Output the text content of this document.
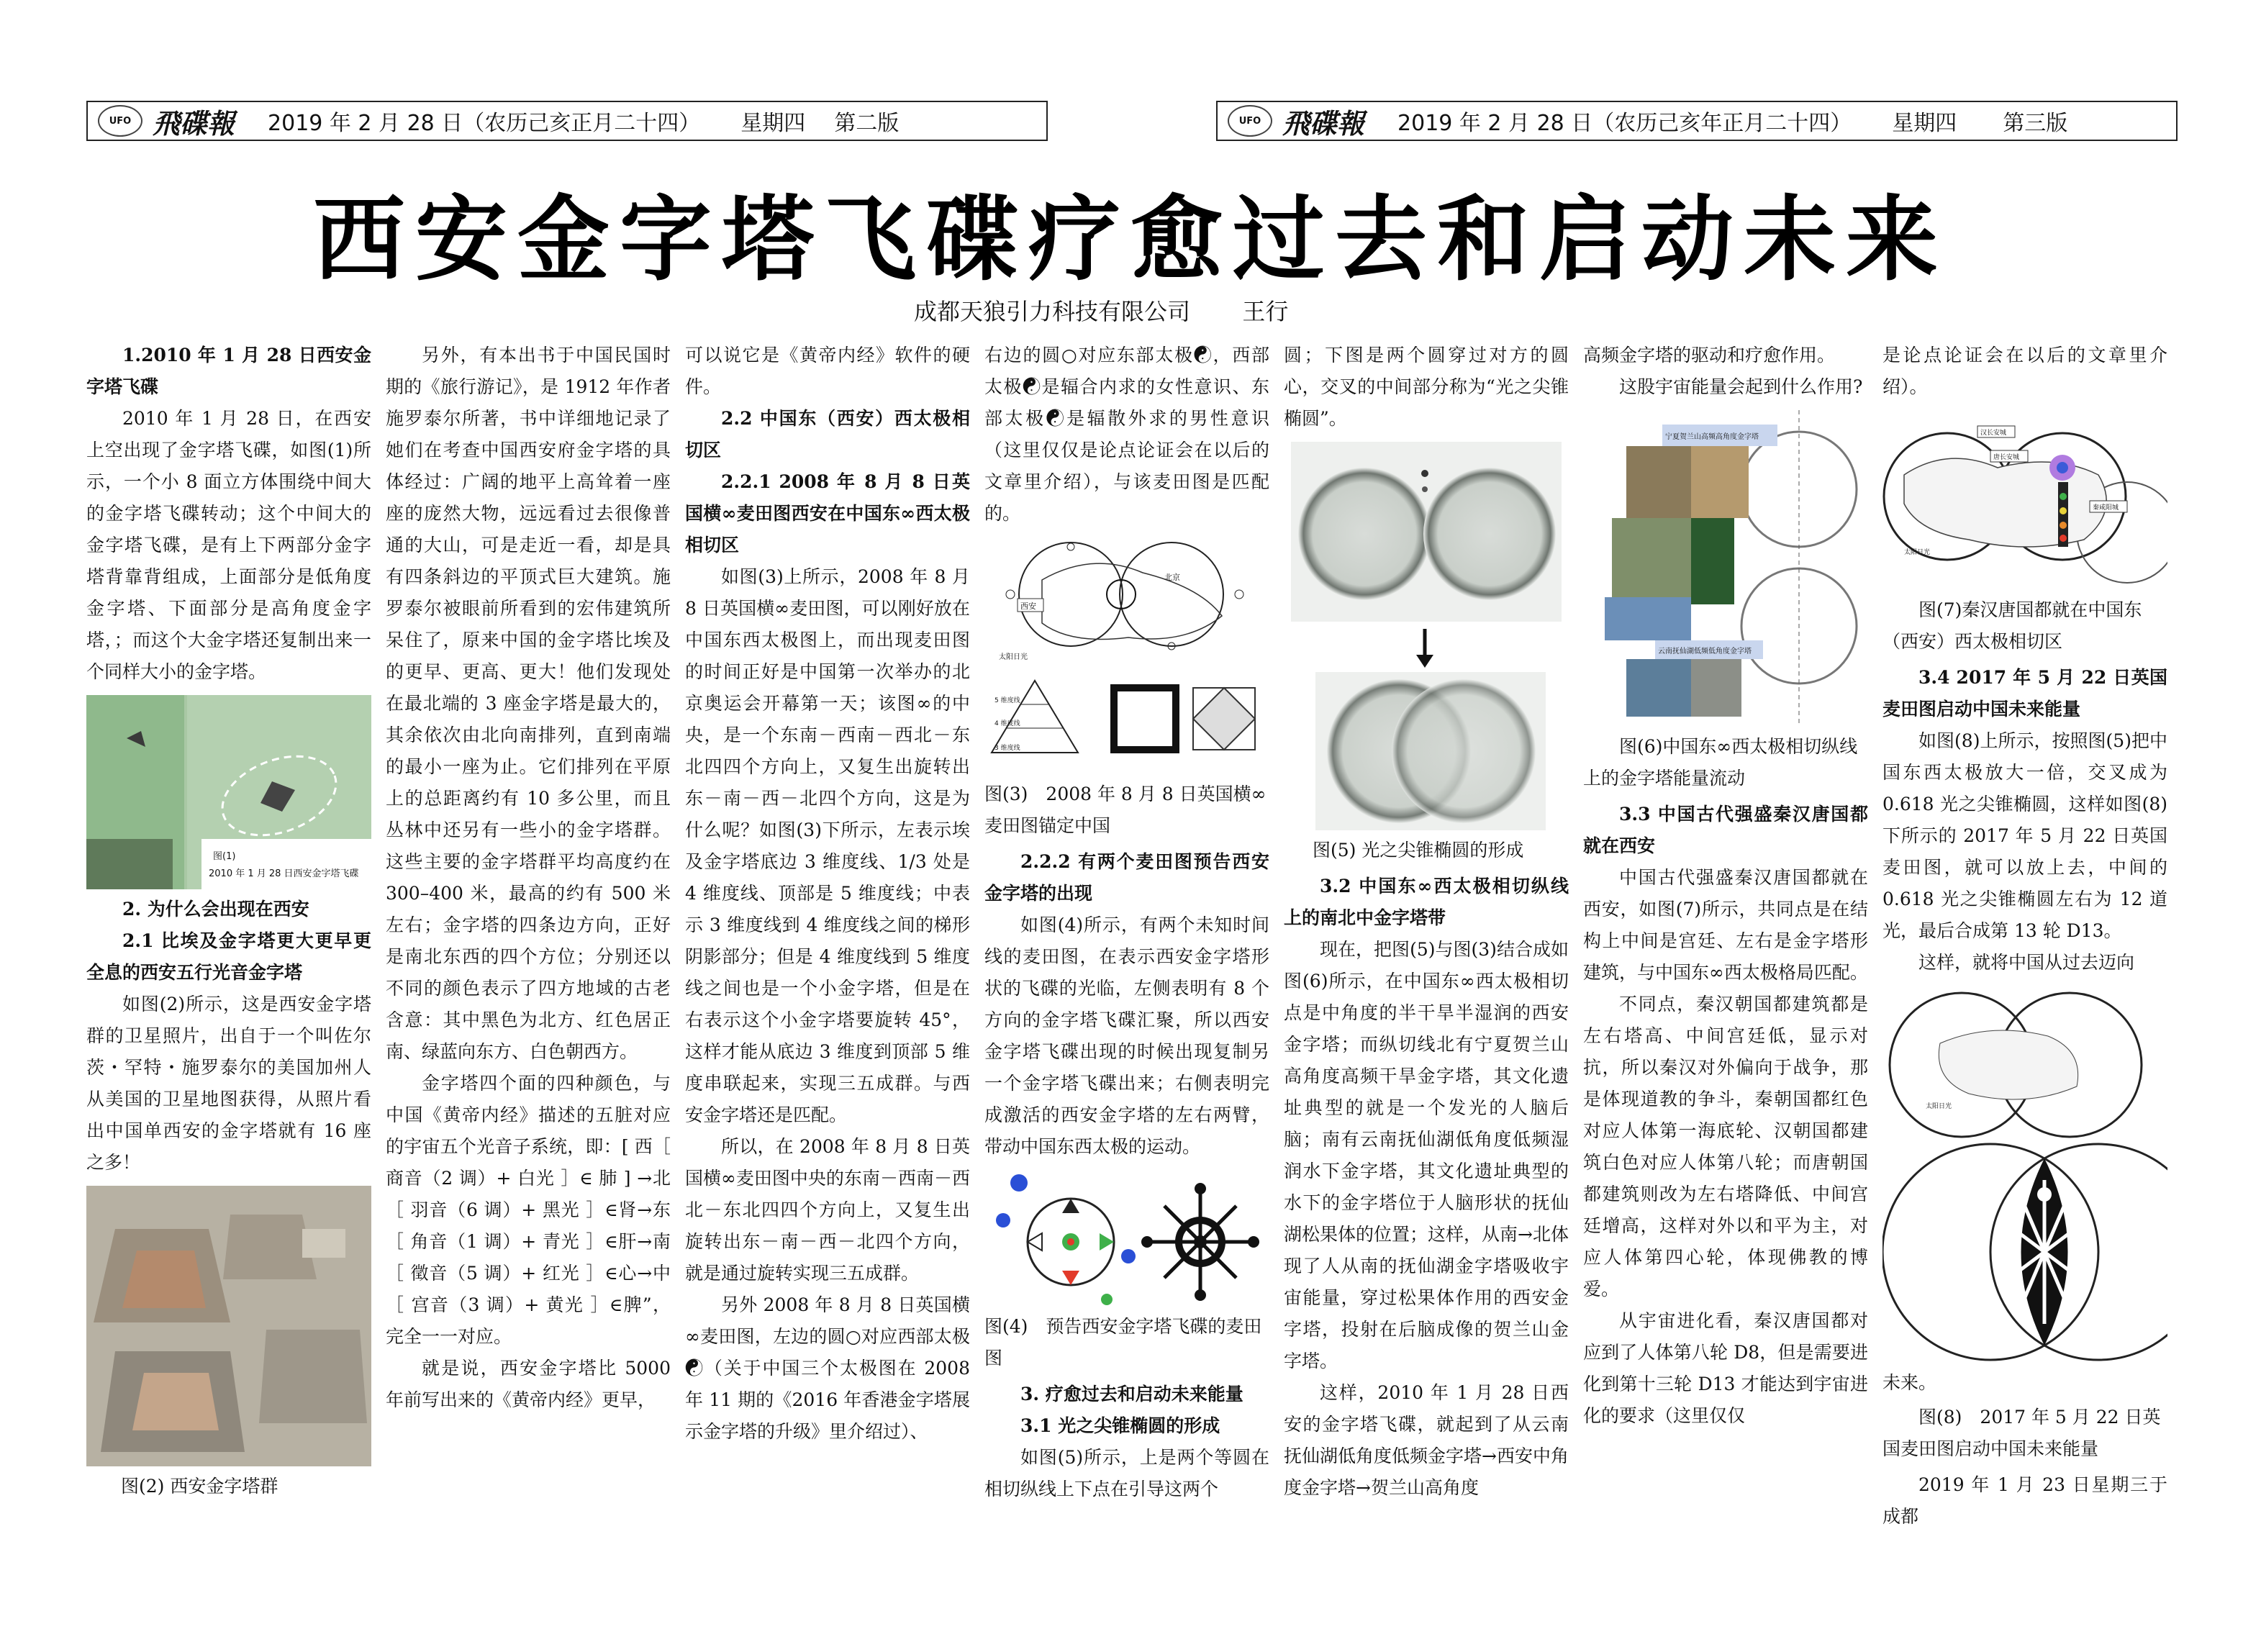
UFO 飛碟報 2019 年 2 月 28 日（农历己亥正月二十四） 星期四 第二版	UFO 飛碟報 2019 年 2 月 28 日（农历己亥年正月二十四） 星期四 第三版
西安金字塔飞碟疗愈过去和启动未来
成都天狼引力科技有限公司 王行

1.2010 年 1 月 28 日西安金字塔飞碟

2010 年 1 月 28 日，在西安上空出现了金字塔飞碟，如图(1)所示，一个小 8 面立方体围绕中间大的金字塔飞碟转动；这个中间大的金字塔飞碟，是有上下两部分金字塔背靠背组成，上面部分是低角度金字塔、下面部分是高角度金字塔，；而这个大金字塔还复制出来一个同样大小的金字塔。

图(1)
2010 年 1 月 28 日西安金字塔飞碟

2. 为什么会出现在西安

2.1 比埃及金字塔更大更早更全息的西安五行光音金字塔

如图(2)所示，这是西安金字塔群的卫星照片，出自于一个叫佐尔茨・罕特・施罗泰尔的美国加州人从美国的卫星地图获得，从照片看出中国单西安的金字塔就有 16 座之多！

图(2) 西安金字塔群

另外，有本出书于中国民国时期的《旅行游记》，是 1912 年作者施罗泰尔所著，书中详细地记录了她们在考查中国西安府金字塔的具体经过：广阔的地平上高耸着一座座的庞然大物，远远看过去很像普通的大山，可是走近一看，却是具有四条斜边的平顶式巨大建筑。施罗泰尔被眼前所看到的宏伟建筑所呆住了，原来中国的金字塔比埃及的更早、更高、更大！他们发现处在最北端的 3 座金字塔是最大的，其余依次由北向南排列，直到南端的最小一座为止。它们排列在平原上的总距离约有 10 多公里，而且丛林中还另有一些小的金字塔群。这些主要的金字塔群平均高度约在 300–400 米，最高的约有 500 米左右；金字塔的四条边方向，正好是南北东西的四个方位；分别还以不同的颜色表示了四方地域的古老含意：其中黑色为北方、红色居正南、绿蓝向东方、白色朝西方。

金字塔四个面的四种颜色，与中国《黄帝内经》描述的五脏对应的宇宙五个光音子系统，即：[ 西［ 商音（2 调）+ 白光 ］∈ 肺 ] →北［ 羽音（6 调）+ 黑光 ］∈肾→东［ 角音（1 调）+ 青光 ］∈肝→南［ 徵音（5 调）+ 红光 ］∈心→中［ 宫音（3 调）+ 黄光 ］∈脾”，完全一一对应。

就是说，西安金字塔比 5000 年前写出来的《黄帝内经》更早，

可以说它是《黄帝内经》软件的硬件。

2.2 中国东（西安）西太极相切区

2.2.1 2008 年 8 月 8 日英国横∞麦田图西安在中国东∞西太极相切区

如图(3)上所示，2008 年 8 月 8 日英国横∞麦田图，可以刚好放在中国东西太极图上，而出现麦田图的时间正好是中国第一次举办的北京奥运会开幕第一天；该图∞的中央，是一个东南－西南－西北－东北四四个方向上，又复生出旋转出东－南－西－北四个方向，这是为什么呢？如图(3)下所示，左表示埃及金字塔底边 3 维度线、1/3 处是 4 维度线、顶部是 5 维度线；中表示 3 维度线到 4 维度线之间的梯形阴影部分；但是 4 维度线到 5 维度线之间也是一个小金字塔，但是在右表示这个小金字塔要旋转 45°，这样才能从底边 3 维度到顶部 5 维度串联起来，实现三五成群。与西安金字塔还是匹配。

所以，在 2008 年 8 月 8 日英国横∞麦田图中央的东南－西南－西北－东北四四个方向上，又复生出旋转出东－南－西－北四个方向，就是通过旋转实现三五成群。

另外 2008 年 8 月 8 日英国横∞麦田图，左边的圆○对应西部太极☯（关于中国三个太极图在 2008 年 11 期的《2016 年香港金字塔展示金字塔的升级》里介绍过）、

右边的圆○对应东部太极☯，西部太极☯是辐合内求的女性意识、东部太极☯是辐散外求的男性意识（这里仅仅是论点论证会在以后的文章里介绍），与该麦田图是匹配的。

西安
北京
太阳日光
5 维度线
4 维度线
3 维度线
图(3)　2008 年 8 月 8 日英国横∞麦田图锚定中国

2.2.2 有两个麦田图预告西安金字塔的出现

如图(4)所示，有两个未知时间线的麦田图，在表示西安金字塔形状的飞碟的光临，左侧表明有 8 个方向的金字塔飞碟汇聚，所以西安金字塔飞碟出现的时候出现复制另一个金字塔飞碟出来；右侧表明完成激活的西安金字塔的左右两臂，带动中国东西太极的运动。

图(4)　预告西安金字塔飞碟的麦田图

3. 疗愈过去和启动未来能量

3.1 光之尖锥椭圆的形成

如图(5)所示，上是两个等圆在相切纵线上下点在引导这两个

圆；下图是两个圆穿过对方的圆心，交叉的中间部分称为“光之尖锥椭圆”。

图(5) 光之尖锥椭圆的形成

3.2 中国东∞西太极相切纵线上的南北中金字塔带

现在，把图(5)与图(3)结合成如图(6)所示，在中国东∞西太极相切点是中角度的半干旱半湿润的西安金字塔；而纵切线北有宁夏贺兰山高角度高频干旱金字塔，其文化遗址典型的就是一个发光的人脑后脑；南有云南抚仙湖低角度低频湿润水下金字塔，其文化遗址典型的水下的金字塔位于人脑形状的抚仙湖松果体的位置；这样，从南→北体现了人从南的抚仙湖金字塔吸收宇宙能量，穿过松果体作用的西安金字塔，投射在后脑成像的贺兰山金字塔。

这样，2010 年 1 月 28 日西安的金字塔飞碟，就起到了从云南抚仙湖低角度低频金字塔→西安中角度金字塔→贺兰山高角度

高频金字塔的驱动和疗愈作用。

这股宇宙能量会起到什么作用?

宁夏贺兰山高频高角度金字塔
云南抚仙湖低频低角度金字塔
图(6)中国东∞西太极相切纵线上的金字塔能量流动

3.3 中国古代强盛秦汉唐国都就在西安

中国古代强盛秦汉唐国都就在西安，如图(7)所示，共同点是在结构上中间是宫廷、左右是金字塔形建筑，与中国东∞西太极格局匹配。

不同点，秦汉朝国都建筑都是左右塔高、中间宫廷低，显示对抗，所以秦汉对外偏向于战争，那是体现道教的争斗，秦朝国都红色对应人体第一海底轮、汉朝国都建筑白色对应人体第八轮；而唐朝国都建筑则改为左右塔降低、中间宫廷增高，这样对外以和平为主，对应人体第四心轮，体现佛教的博爱。

从宇宙进化看，秦汉唐国都对应到了人体第八轮 D8，但是需要进化到第十三轮 D13 才能达到宇宙进化的要求（这里仅仅

是论点论证会在以后的文章里介绍）。

汉长安城
唐长安城
秦咸阳城
太阳日光
图(7)秦汉唐国都就在中国东（西安）西太极相切区

3.4 2017 年 5 月 22 日英国麦田图启动中国未来能量

如图(8)上所示，按照图(5)把中国东西太极放大一倍，交叉成为 0.618 光之尖锥椭圆，这样如图(8)下所示的 2017 年 5 月 22 日英国麦田图，就可以放上去，中间的 0.618 光之尖锥椭圆左右为 12 道光，最后合成第 13 轮 D13。

这样，就将中国从过去迈向

太阳日光

未来。

图(8)　2017 年 5 月 22 日英国麦田图启动中国未来能量

2019 年 1 月 23 日星期三于成都
